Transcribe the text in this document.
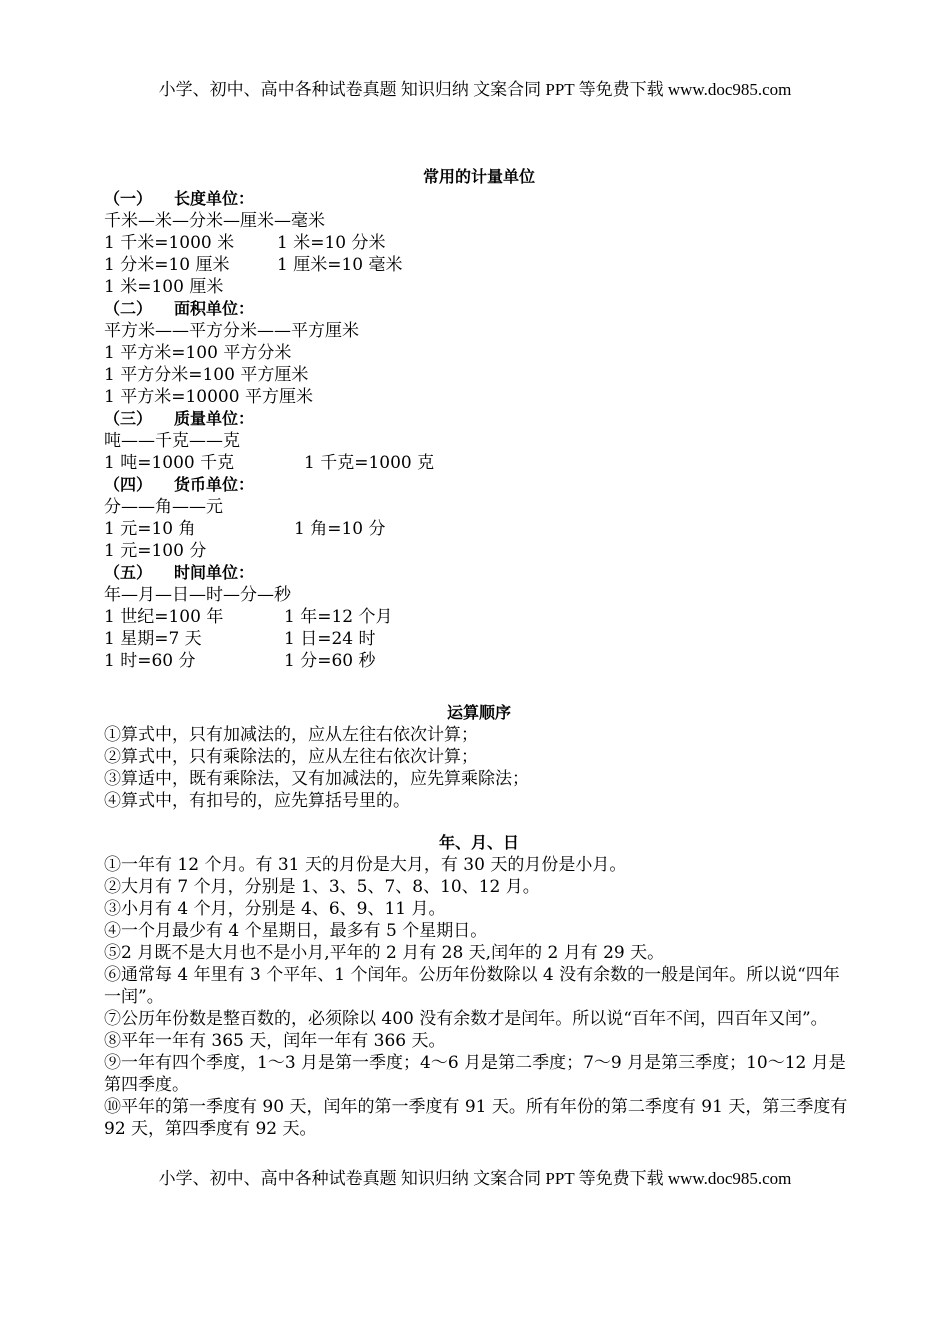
小学、初中、高中各种试卷真题 知识归纳 文案合同 PPT 等免费下载 www.doc985.com
常用的计量单位
（一） 长度单位：
千米—米—分米—厘米—毫米
1 千米=1000 米	1 米=10 分米
1 分米=10 厘米	1 厘米=10 毫米
1 米=100 厘米
（二） 面积单位：
平方米——平方分米——平方厘米
1 平方米=100 平方分米
1 平方分米=100 平方厘米
1 平方米=10000 平方厘米
（三） 质量单位：
吨——千克——克
1 吨=1000 千克	1 千克=1000 克
（四） 货币单位：
分——角——元
1 元=10 角	1 角=10 分
1 元=100 分
（五） 时间单位：
年—月—日—时—分—秒
1 世纪=100 年	1 年=12 个月
1 星期=7 天	1 日=24 时
1 时=60 分	1 分=60 秒
运算顺序
①算式中，只有加减法的，应从左往右依次计算；
②算式中，只有乘除法的，应从左往右依次计算；
③算适中，既有乘除法，又有加减法的，应先算乘除法；
④算式中，有扣号的，应先算括号里的。
年、月、日
①一年有 12 个月。有 31 天的月份是大月，有 30 天的月份是小月。
②大月有 7 个月，分别是 1、3、5、7、8、10、12 月。
③小月有 4 个月，分别是 4、6、9、11 月。
④一个月最少有 4 个星期日，最多有 5 个星期日。
⑤2 月既不是大月也不是小月,平年的 2 月有 28 天,闰年的 2 月有 29 天。
⑥通常每 4 年里有 3 个平年、1 个闰年。公历年份数除以 4 没有余数的一般是闰年。所以说“四年一闰”。
⑦公历年份数是整百数的，必须除以 400 没有余数才是闰年。所以说“百年不闰，四百年又闰”。
⑧平年一年有 365 天，闰年一年有 366 天。
⑨一年有四个季度，1～3 月是第一季度；4～6 月是第二季度；7～9 月是第三季度；10～12 月是第四季度。
⑩平年的第一季度有 90 天，闰年的第一季度有 91 天。所有年份的第二季度有 91 天，第三季度有 92 天，第四季度有 92 天。
小学、初中、高中各种试卷真题 知识归纳 文案合同 PPT 等免费下载 www.doc985.com
